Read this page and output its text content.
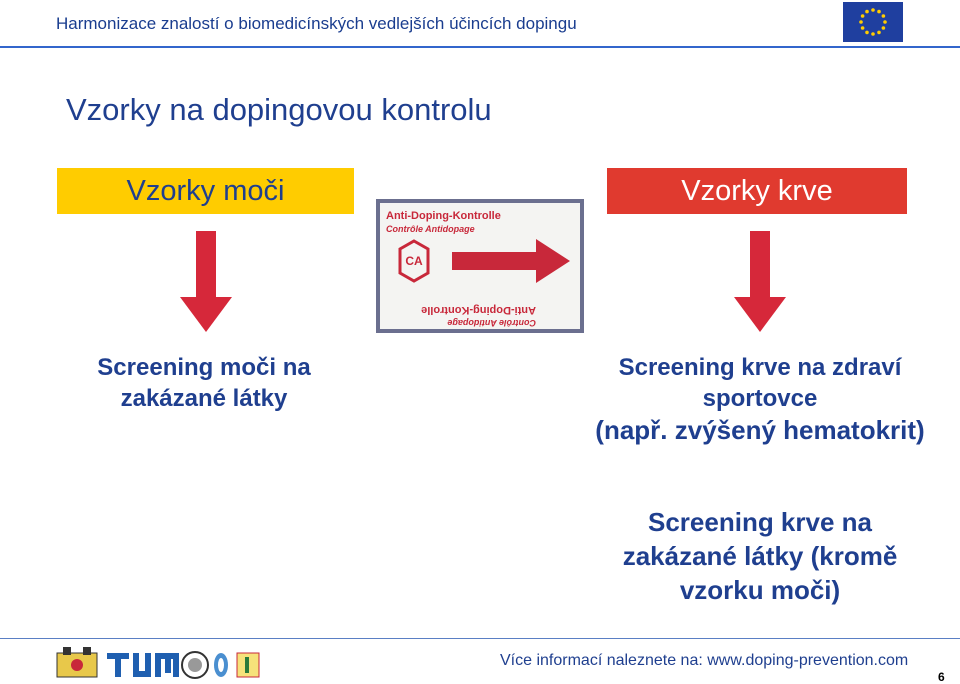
Harmonizace znalostí o biomedicínských vedlejších účincích dopingu
Vzorky na dopingovou kontrolu
Vzorky moči	Vzorky krve
Anti-Doping-Kontrolle
Contrôle Antidopage
CA
Anti-Doping-Kontrolle
Contrôle Antidopage
Screening moči na
zakázané látky
Screening krve na zdraví
sportovce
(např. zvýšený hematokrit)
Screening krve na
zakázané látky (kromě
vzorku moči)
Více informací naleznete na: www.doping-prevention.com
6
